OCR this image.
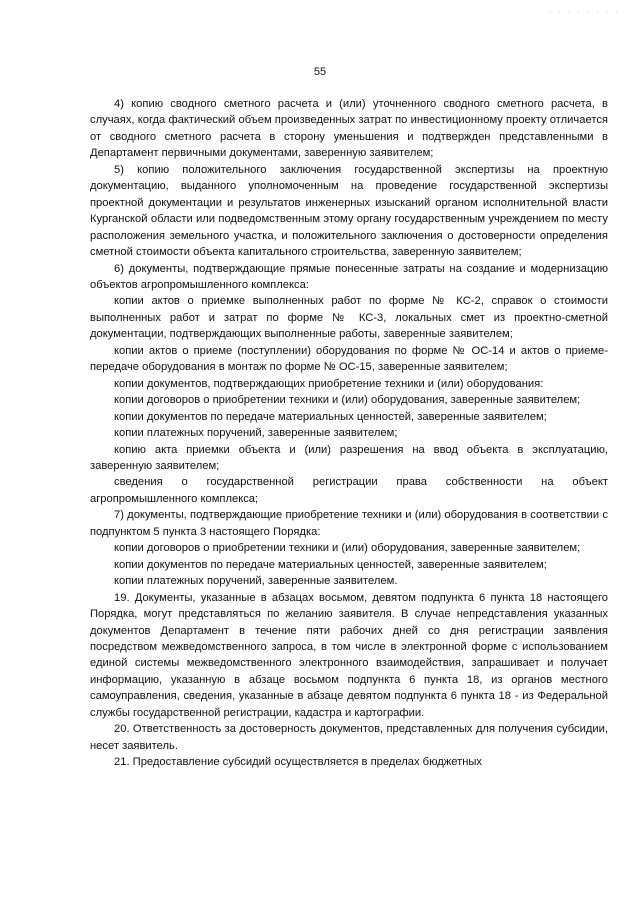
· · · · · · · ·
55

4) копию сводного сметного расчета и (или) уточненного сводного сметного расчета, в случаях, когда фактический объем произведенных затрат по инвестиционному проекту отличается от сводного сметного расчета в сторону уменьшения и подтвержден представленными в Департамент первичными документами, заверенную заявителем;

5) копию положительного заключения государственной экспертизы на проектную документацию, выданного уполномоченным на проведение государственной экспертизы проектной документации и результатов инженерных изысканий органом исполнительной власти Курганской области или подведомственным этому органу государственным учреждением по месту расположения земельного участка, и положительного заключения о достоверности определения сметной стоимости объекта капитального строительства, заверенную заявителем;

6) документы, подтверждающие прямые понесенные затраты на создание и модернизацию объектов агропромышленного комплекса:

копии актов о приемке выполненных работ по форме № КС-2, справок о стоимости выполненных работ и затрат по форме № КС-3, локальных смет из проектно-сметной документации, подтверждающих выполненные работы, заверенные заявителем;

копии актов о приеме (поступлении) оборудования по форме № ОС-14 и актов о приеме-передаче оборудования в монтаж по форме № ОС-15, заверенные заявителем;

копии документов, подтверждающих приобретение техники и (или) оборудования:

копии договоров о приобретении техники и (или) оборудования, заверенные заявителем;

копии документов по передаче материальных ценностей, заверенные заявителем;

копии платежных поручений, заверенные заявителем;

копию акта приемки объекта и (или) разрешения на ввод объекта в эксплуатацию, заверенную заявителем;

сведения о государственной регистрации права собственности на объект агропромышленного комплекса;

7) документы, подтверждающие приобретение техники и (или) оборудования в соответствии с подпунктом 5 пункта 3 настоящего Порядка:

копии договоров о приобретении техники и (или) оборудования, заверенные заявителем;

копии документов по передаче материальных ценностей, заверенные заявителем;

копии платежных поручений, заверенные заявителем.

19. Документы, указанные в абзацах восьмом, девятом подпункта 6 пункта 18 настоящего Порядка, могут представляться по желанию заявителя. В случае непредставления указанных документов Департамент в течение пяти рабочих дней со дня регистрации заявления посредством межведомственного запроса, в том числе в электронной форме с использованием единой системы межведомственного электронного взаимодействия, запрашивает и получает информацию, указанную в абзаце восьмом подпункта 6 пункта 18, из органов местного самоуправления, сведения, указанные в абзаце девятом подпункта 6 пункта 18 - из Федеральной службы государственной регистрации, кадастра и картографии.

20. Ответственность за достоверность документов, представленных для получения субсидии, несет заявитель.

21. Предоставление субсидий осуществляется в пределах бюджетных
